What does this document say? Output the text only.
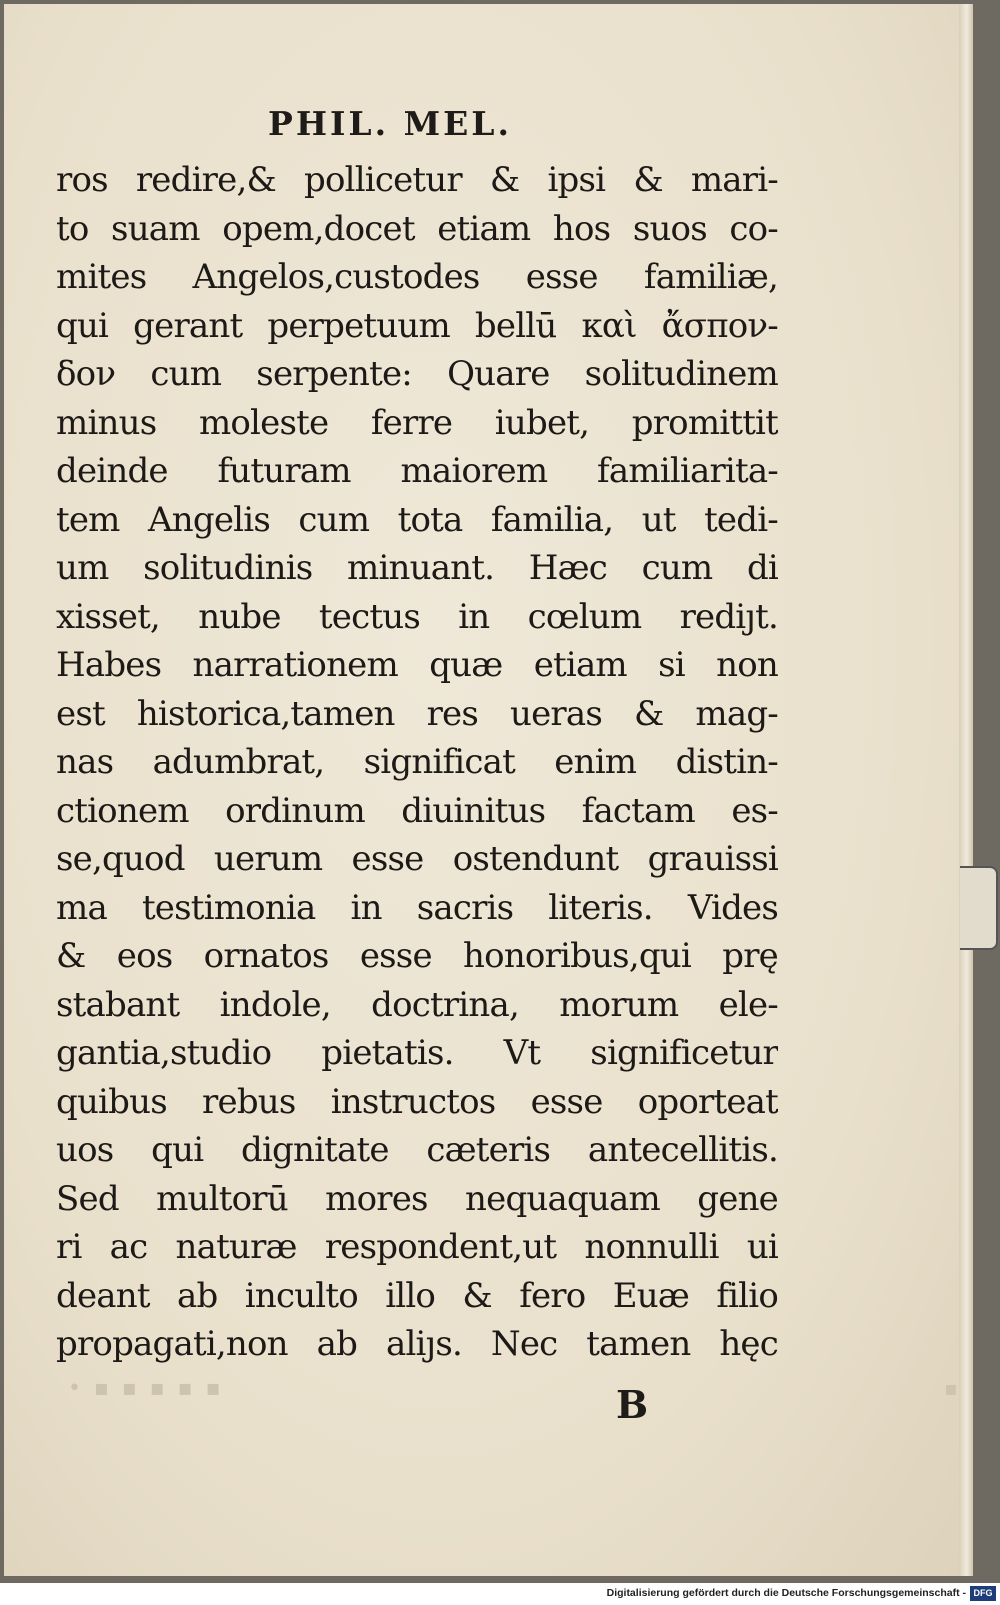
PHIL. MEL.
ros redire,& pollicetur & ipsi & mari-
to suam opem,docet etiam hos suos co-
mites Angelos,custodes esse familiæ,
qui gerant perpetuum bellū καὶ ἄσπον-
δον cum serpente: Quare solitudinem
minus moleste ferre iubet, promittit
deinde futuram maiorem familiarita-
tem Angelis cum tota familia, ut tedi-
um solitudinis minuant. Hæc cum di
xisset, nube tectus in cœlum rediȷt.
Habes narrationem quæ etiam si non
est historica,tamen res ueras & mag-
nas adumbrat, significat enim distin-
ctionem ordinum diuinitus factam es-
se,quod uerum esse ostendunt grauissi
ma testimonia in sacris literis. Vides
& eos ornatos esse honoribus,qui prę
stabant indole, doctrina, morum ele-
gantia,studio pietatis. Vt significetur
quibus rebus instructos esse oporteat
uos qui dignitate cæteris antecellitis.
Sed multorū mores nequaquam gene
ri ac naturæ respondent,ut nonnulli ui
deant ab inculto illo & fero Euæ filio
propagati,non ab aliȷs. Nec tamen hęc
B
• ▪ ▪ ▪ ▪ ▪	▪
Digitalisierung gefördert durch die Deutsche Forschungsgemeinschaft - DFG
